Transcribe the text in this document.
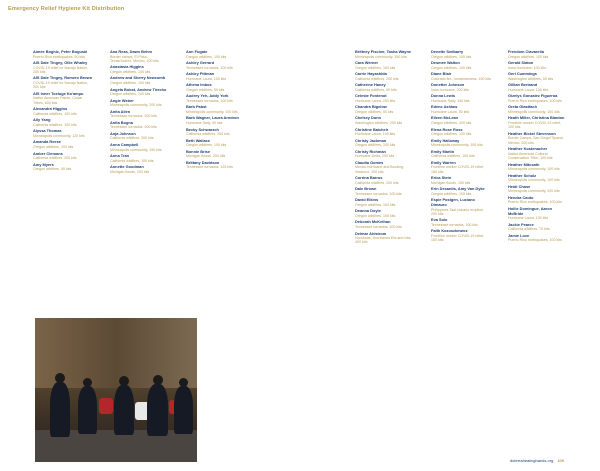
Emergency Relief Hygiene Kit Distribution
Aimee Boghic, Peter Boguski
Puerto Rico earthquakes, 50 kits
AIS Dale Tingey, Ollie Whaley
COVID-19 relief for Navajo Nation, 200 kits
AIS Dale Tingey, Romero Brown
COVID-19 relief for Navajo Nation, 200 kits
AIS Inner Toeluge Ko'ampu
Native American Paiute, Cedar Tribes, 600 kits
Alexandra Higgins
California wildfires, 100 kits
Ally Yang
California wildfires, 100 kits
Alyssa Thomas
Minneapolis community, 120 kits
Amanda Reese
Oregon wildfires, 100 kits
Amber Clemons
California wildfires, 200 kits
Amy Myers
Oregon wildfires, 50 kits
Ana Reza, Dawn Behm
Border camps, El Paso, Texas/Juarez, Mexico, 100 kits
Anastasia Higgins
Oregon wildfires, 100 kits
Andrew and Sherry Newcomb
Oregon wildfires, 100 kits
Angela Bobst, Andrew Tirecho
Oregon wildfires, 100 kits
Angie Weber
Minneapolis community, 200 kits
Anita Allen
Tennessee tornados, 200 kits
Anita Bogna
Tennessee tornados, 200 kits
Anja Johnson
California wildfires, 200 kits
Anna Campbell
Minneapolis community, 150 kits
Anna Tran
California wildfires, 100 kits
Annette Goodman
Michigan floods, 200 kits
Ann Fugate
Oregon wildfires, 100 kits
Ashley Gerrard
Tennessee tornados, 100 kits
Ashley Pittman
Hurricane Laura, 100 kits
Athena Imbos
Oregon wildfires, 50 kits
Audrey Yeh, Addy York
Tennessee tornados, 100 kits
Barb Pabst
Minneapolis community, 100 kits
Barb Wagner, Laura Arndron
Hurricane Sally, 50 kits
Becky Schwarzch
California wildfires, 200 kits
Beth Wallace
Oregon wildfires, 100 kits
Bonnie Brise
Michigan floods, 200 kits
Brittany Davidson
Tennessee tornados, 125 kits
Brittney Fischer, Tasha Wayne
Minneapolis community, 350 kits
Cara Werner
Oregon wildfires, 100 kits
Carrie Hayashida
California wildfires, 200 kits
Catherine Haney
California wildfires, 50 kits
Celeste Fontenot
Hurricane Laura, 200 kits
Chandra Bigelow
Oregon wildfires, 50 kits
Chelsey Dunn
Washington wildfires, 200 kits
Christine Balchelr
Hurricane Laura, 100 kits
Christy Jackman
Oregon wildfires, 100 kits
Christy Richman
Hurricane Delta, 250 kits
Claudia Gomes
Mexico hurricane and flooding, Veracruz, 200 kits
Corrina Barrus
California wildfires, 200 kits
Dale Brown
Tennessee tornados, 100 kits
David Elkins
Oregon wildfires, 100 kits
Deanna Doyle
Oregon wildfires, 100 kits
Deborah McKethan
Tennessee tornados, 100 kits
Delmar Ahlstrom
Honduras, Hurricanes Eta and Iota, 400 kits
Denette Sedbarry
Oregon wildfires, 100 kits
Desmee Walton
Oregon wildfires, 100 kits
Diane Blair
Colorado fire, homelessness, 150 kits
Donetter Johnson
Iowa hurricane, 200 kits
Donna Lewis
Hurricane Sally, 150 kits
Edene Ashlaw
Hurricane Laura, 50 kits
Eileen McLean
Oregon wildfires, 200 kits
Elena Rose Ross
Oregon wildfires, 100 kits
Emily Halloway
Minneapolis community, 100 kits
Emily Martin
California wildfires, 100 kits
Emily Warren
Frontline worker COVID-19 relief, 150 kits
Erica Stein
Michigan floods, 150 kits
Erin Desantis, Amy Van Dyke
Oregon wildfires, 100 kits
Espie Postgen, Luciano Dimauro
Philippines Taal volcano eruption, 200 kits
Eva Solo
Tennessee tornados, 100 kits
Faith Kozoszkewicz
Frontline worker COVID-19 relief, 100 kits
Freedom Ciavarella
Oregon wildfires, 100 kits
Gerald Slaton
Iowa hurricane, 100 kits
Geri Cummings
Washington wildfires, 50 kits
Gillian Bertrand
Hurricane Laura, 100 kits
Gizelys Gonzalez Figueroa
Puerto Rico earthquakes, 100 kits
Greta Glastfach
Minneapolis community, 100 kits
Heath Miller, Christina Blanton
Frontline worker COVID-19 relief, 100 kits
Heather Bickel Stevenson
Border Camps, San Diego/Tijuana, Mexico, 200 kits
Heather Kostenacher
Native American Cultural Conservation Tribe, 100 kits
Heather Mitcsath
Minneapolis community, 100 kits
Heather Scholz
Minneapolis community, 100 kits
Heidi Chase
Minneapolis community, 200 kits
Hendra Cauto
Puerto Rico earthquakes, 100 kits
Hollie Domingue, Aaron McBride
Hurricane Laura, 100 kits
Jackie Pearce
California wildfires, 70 kits
Jamie Love
Puerto Rico earthquakes, 100 kits
doterrahealinghands.org 109
